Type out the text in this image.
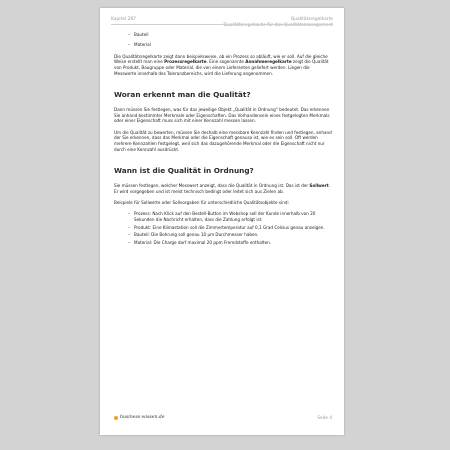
Kapitel 287	Qualitätsregelkarte
Qualitätsregelkarte für das Qualitätsmanagement
– Bauteil
– Material

Die Qualitätsregelkarte zeigt dann beispielsweise, ob ein Prozess so abläuft, wie er soll. Auf die gleiche Weise erstellt man eine Prozessregelkarte. Eine sogenannte Annahmeregelkarte zeigt die Qualität von Produkt, Baugruppe oder Material, die von einem Lieferanten geliefert werden. Liegen die Messwerte innerhalb des Toleranzbereichs, wird die Lieferung angenommen.

Woran erkennt man die Qualität?

Dann müssen Sie festlegen, was für das jeweilige Objekt „Qualität in Ordnung“ bedeutet. Das erkennen Sie anhand bestimmter Merkmale oder Eigenschaften. Das Vorhandensein eines festgelegten Merkmals oder einer Eigenschaft muss sich mit einer Kennzahl messen lassen.

Um die Qualität zu bewerten, müssen Sie deshalb eine messbare Kennzahl finden und festlegen, anhand der Sie erkennen, dass das Merkmal oder die Eigenschaft genauso ist, wie es sein soll. Oft werden mehrere Kennzahlen festgelegt, weil sich das dazugehörende Merkmal oder die Eigenschaft nicht nur durch eine Kennzahl ausdrückt.

Wann ist die Qualität in Ordnung?

Sie müssen festlegen, welcher Messwert anzeigt, dass die Qualität in Ordnung ist. Das ist der Sollwert. Er wird vorgegeben und ist meist technisch bedingt oder leitet sich aus Zielen ab.

Beispiele für Sollwerte oder Sollvorgaben für unterschiedliche Qualitätsobjekte sind:

– Prozess: Nach Klick auf den Bestell-Button im Webshop soll der Kunde innerhalb von 20 Sekunden die Nachricht erhalten, dass die Zahlung erfolgt ist.
– Produkt: Eine Klimastation soll die Zimmertemperatur auf 0,1 Grad Celsius genau anzeigen.
– Bauteil: Die Bohrung soll genau 10 µm Durchmesser haben.
– Material: Die Charge darf maximal 20 ppm Fremdstoffe enthalten.
business-wissen.de	Seite 4
